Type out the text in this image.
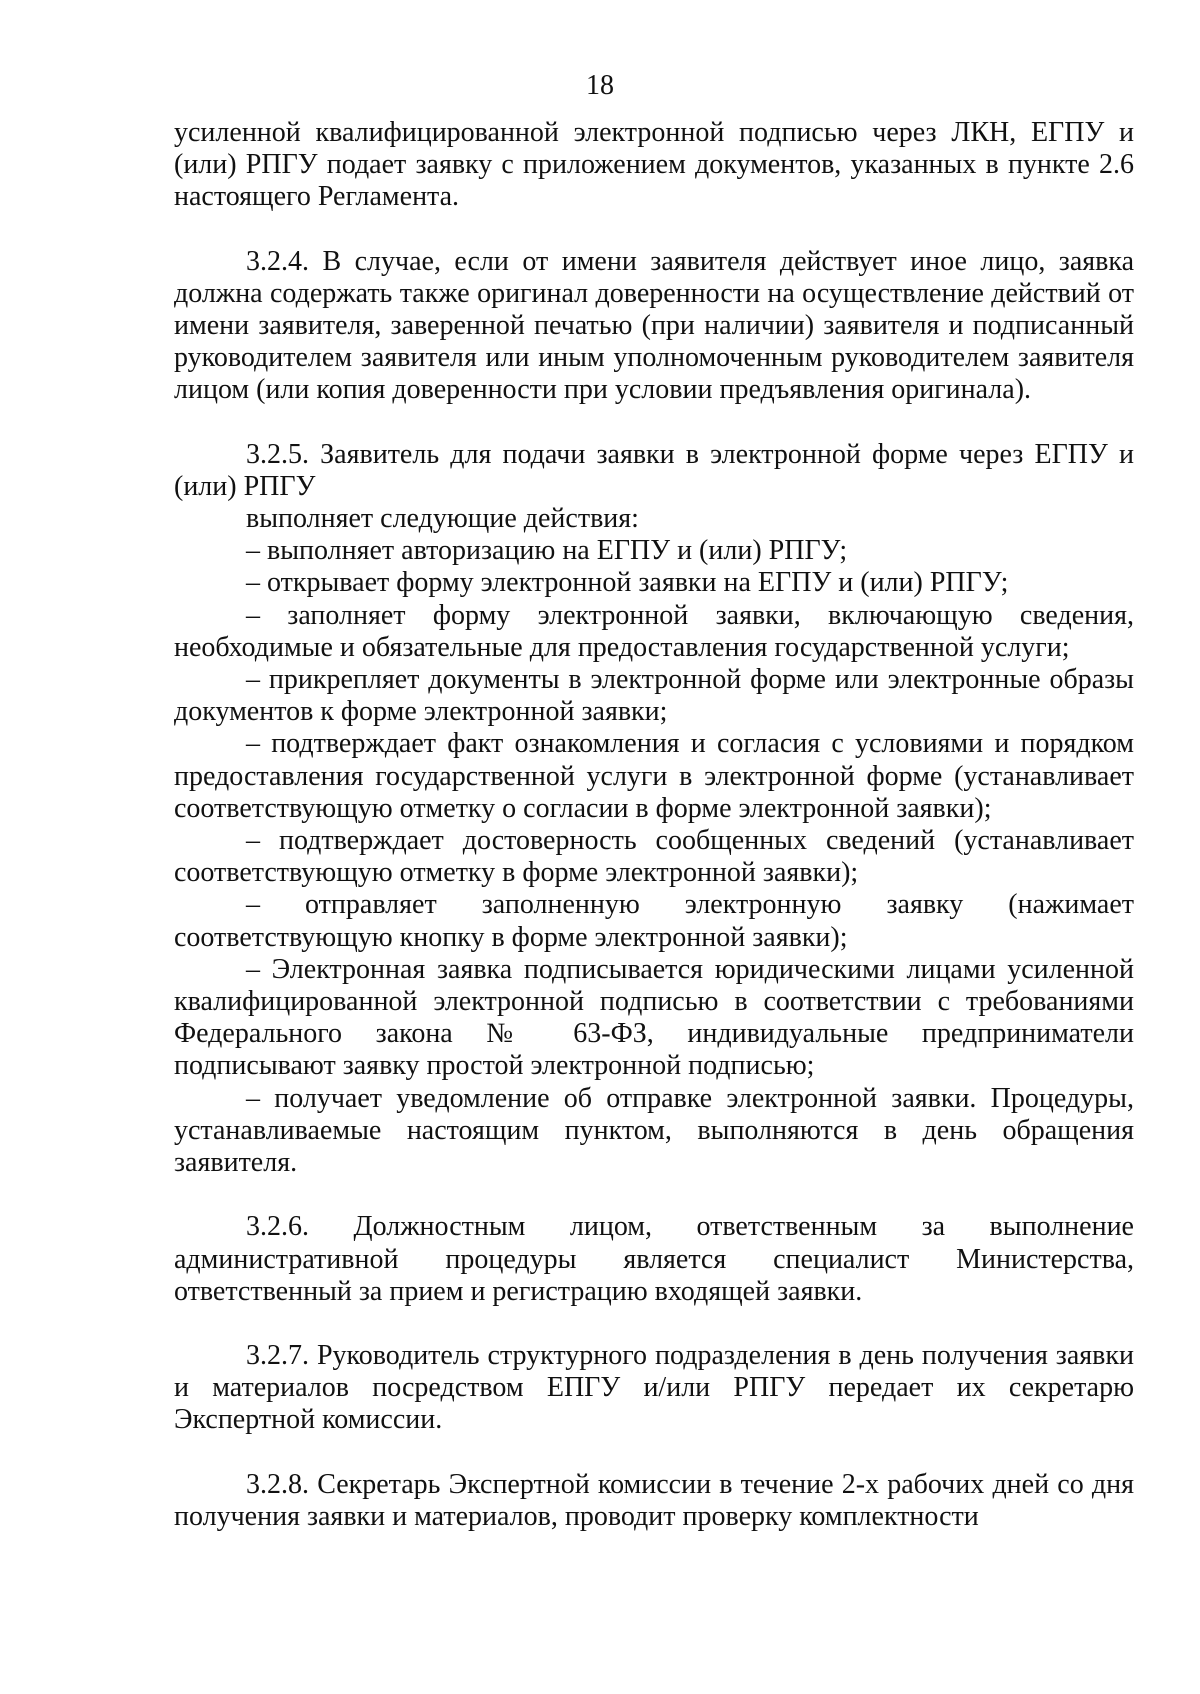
18

усиленной квалифицированной электронной подписью через ЛКН, ЕГПУ и (или) РПГУ подает заявку с приложением документов, указанных в пункте 2.6 настоящего Регламента.

3.2.4. В случае, если от имени заявителя действует иное лицо, заявка должна содержать также оригинал доверенности на осуществление действий от имени заявителя, заверенной печатью (при наличии) заявителя и подписанный руководителем заявителя или иным уполномоченным руководителем заявителя лицом (или копия доверенности при условии предъявления оригинала).

3.2.5. Заявитель для подачи заявки в электронной форме через ЕГПУ и (или) РПГУ

выполняет следующие действия:

– выполняет авторизацию на ЕГПУ и (или) РПГУ;

– открывает форму электронной заявки на ЕГПУ и (или) РПГУ;

– заполняет форму электронной заявки, включающую сведения, необходимые и обязательные для предоставления государственной услуги;

– прикрепляет документы в электронной форме или электронные образы документов к форме электронной заявки;

– подтверждает факт ознакомления и согласия с условиями и порядком предоставления государственной услуги в электронной форме (устанавливает соответствующую отметку о согласии в форме электронной заявки);

– подтверждает достоверность сообщенных сведений (устанавливает соответствующую отметку в форме электронной заявки);

– отправляет заполненную электронную заявку (нажимает соответствующую кнопку в форме электронной заявки);

– Электронная заявка подписывается юридическими лицами усиленной квалифицированной электронной подписью в соответствии с требованиями Федерального закона № 63-ФЗ, индивидуальные предприниматели подписывают заявку простой электронной подписью;

– получает уведомление об отправке электронной заявки. Процедуры, устанавливаемые настоящим пунктом, выполняются в день обращения заявителя.

3.2.6. Должностным лицом, ответственным за выполнение административной процедуры является специалист Министерства, ответственный за прием и регистрацию входящей заявки.

3.2.7. Руководитель структурного подразделения в день получения заявки и материалов посредством ЕПГУ и/или РПГУ передает их секретарю Экспертной комиссии.

3.2.8. Секретарь Экспертной комиссии в течение 2-х рабочих дней со дня получения заявки и материалов, проводит проверку комплектности
